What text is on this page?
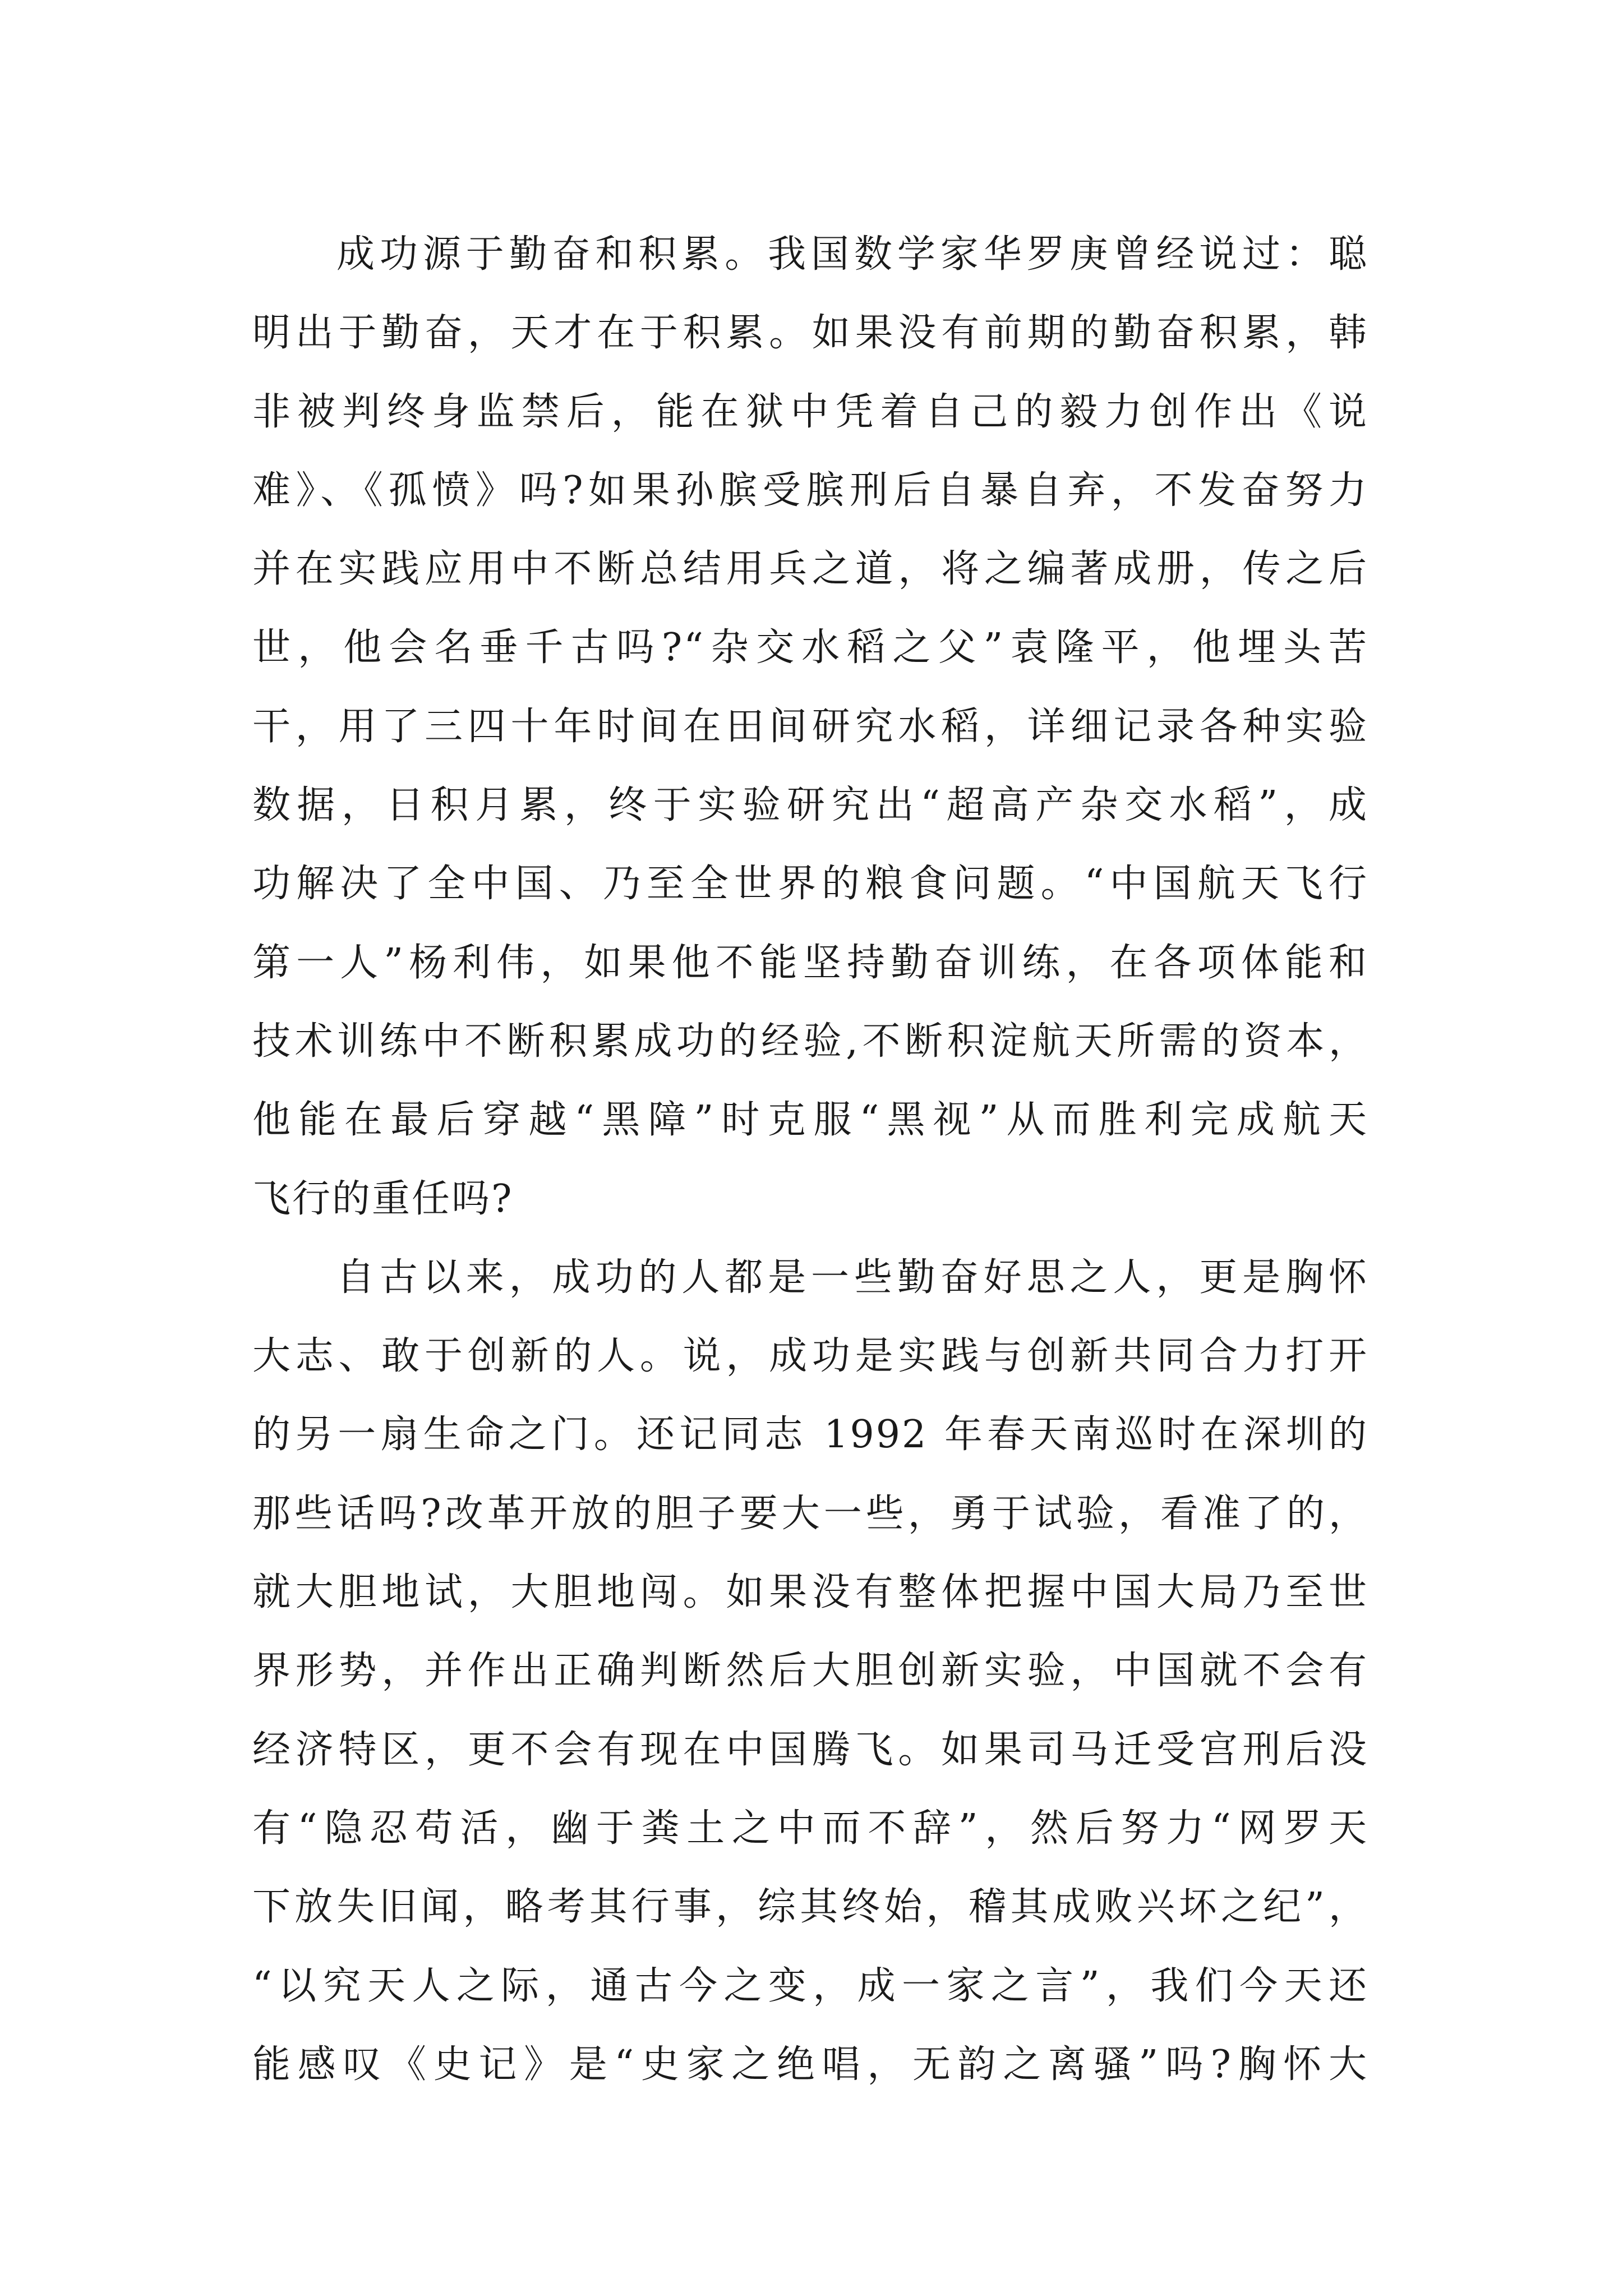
成功源于勤奋和积累。我国数学家华罗庚曾经说过：聪
明出于勤奋，天才在于积累。如果没有前期的勤奋积累，韩
非被判终身监禁后，能在狱中凭着自己的毅力创作出《说
难》、《孤愤》吗?如果孙膑受膑刑后自暴自弃，不发奋努力
并在实践应用中不断总结用兵之道，将之编著成册，传之后
世，他会名垂千古吗?“杂交水稻之父”袁隆平，他埋头苦
干，用了三四十年时间在田间研究水稻，详细记录各种实验
数据，日积月累，终于实验研究出“超高产杂交水稻”，成
功解决了全中国、乃至全世界的粮食问题。“中国航天飞行
第一人”杨利伟，如果他不能坚持勤奋训练，在各项体能和
技术训练中不断积累成功的经验,不断积淀航天所需的资本，
他能在最后穿越“黑障”时克服“黑视”从而胜利完成航天
飞行的重任吗?
自古以来，成功的人都是一些勤奋好思之人，更是胸怀
大志、敢于创新的人。说，成功是实践与创新共同合力打开
的另一扇生命之门。还记同志 1992 年春天南巡时在深圳的
那些话吗?改革开放的胆子要大一些，勇于试验，看准了的，
就大胆地试，大胆地闯。如果没有整体把握中国大局乃至世
界形势，并作出正确判断然后大胆创新实验，中国就不会有
经济特区，更不会有现在中国腾飞。如果司马迁受宫刑后没
有“隐忍苟活，幽于粪土之中而不辞”，然后努力“网罗天
下放失旧闻，略考其行事，综其终始，稽其成败兴坏之纪”，
“以究天人之际，通古今之变，成一家之言”，我们今天还
能感叹《史记》是“史家之绝唱，无韵之离骚”吗?胸怀大
